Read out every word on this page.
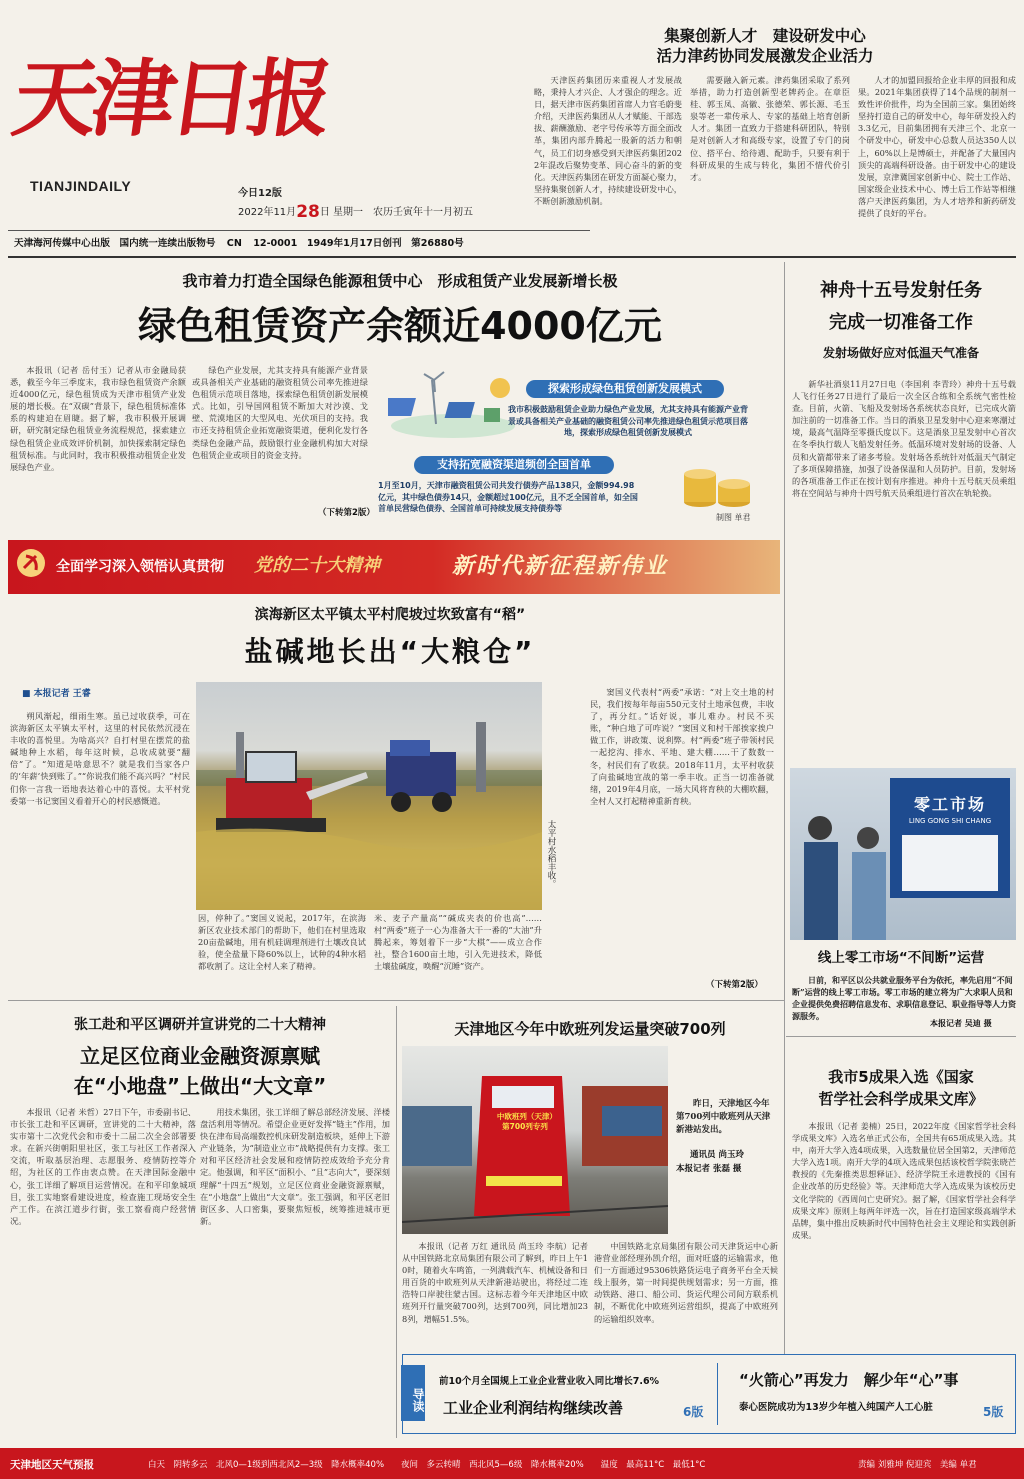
天津日报
TIANJINDAILY	今日12版
2022年11月28日 星期一　农历壬寅年十一月初五
天津海河传媒中心出版　 国内统一连续出版物号 CN 12-0001　 1949年1月17日创刊　 第26880号
集聚创新人才　建设研发中心
活力津药协同发展激发企业活力
天津医药集团历来重视人才发展战略，秉持人才兴企、人才强企的理念。近日，据天津市医药集团首席人力官毛蔚斐介绍，天津医药集团从人才赋能、干部选拔、薪酬激励、老字号传承等方面全面改革，集团内部升腾起一股新的活力和朝气，员工们切身感受到天津医药集团2022年混改后聚势变革、同心奋斗的新的变化。天津医药集团在研发方面凝心聚力，坚持集聚创新人才，持续建设研发中心，不断创新激励机制。
需要融入新元素。津药集团采取了系列举措，助力打造创新型老牌药企。在章臣桂、郭玉凤、高徽、张德荣、郭长源、毛玉泉等老一辈传承人、专家的基础上培育创新人才。集团一直致力于搭建科研团队，特别是对创新人才和高级专家，设置了专门的岗位、搭平台、给待遇、配助手，只要有利于科研成果的生成与转化，集团不惜代价引才。
人才的加盟回报给企业丰厚的回报和成果。2021年集团获得了14个品规的制剂一致性评价批件，均为全国前三家。集团始终坚持打造自己的研发中心，每年研发投入约3.3亿元，目前集团拥有天津三个、北京一个研发中心，研发中心总数人员达350人以上，60%以上是博硕士，并配备了大量国内顶尖的高端科研设备。由于研发中心的建设发展，京津冀国家创新中心、院士工作站、国家级企业技术中心、博士后工作站等相继落户天津医药集团，为人才培养和新药研发提供了良好的平台。
我市着力打造全国绿色能源租赁中心　形成租赁产业发展新增长极
绿色租赁资产余额近4000亿元
本报讯（记者 岳付玉）记者从市金融局获悉，截至今年三季度末，我市绿色租赁资产余额近4000亿元，绿色租赁成为天津市租赁产业发展的增长极。在“双碳”背景下，绿色租赁标准体系的构建迫在眉睫。据了解，我市积极开展调研，研究制定绿色租赁业务流程规范，探索建立绿色租赁企业成效评价机制，加快探索制定绿色租赁标准。与此同时，我市积极推动租赁企业发展绿色产业。
绿色产业发展，尤其支持具有能源产业背景或具备相关产业基础的融资租赁公司率先推进绿色租赁示范项目落地，探索绿色租赁创新发展模式。比如，引导国网租赁不断加大对沙漠、戈壁、荒漠地区的大型风电、光伏项目的支持。我市还支持租赁企业拓宽融资渠道，便利化发行各类绿色金融产品，鼓励银行业金融机构加大对绿色租赁企业或项目的资金支持。
（下转第2版）
探索形成绿色租赁创新发展模式
我市积极鼓励租赁企业助力绿色产业发展，尤其支持具有能源产业背景或具备相关产业基础的融资租赁公司率先推进绿色租赁示范项目落地，探索形成绿色租赁创新发展模式
支持拓宽融资渠道频创全国首单
1月至10月，天津市融资租赁公司共发行债券产品138只，金额994.98亿元，其中绿色债券14只，金额超过100亿元，且不乏全国首单，如全国首单民营绿色债券、全国首单可持续发展支持债券等
制图 单君
神舟十五号发射任务
完成一切准备工作
发射场做好应对低温天气准备
新华社酒泉11月27日电（李国利 李青玲）神舟十五号载人飞行任务27日进行了最后一次全区合练和全系统气密性检查。目前，火箭、飞船及发射场各系统状态良好，已完成火箭加注前的一切准备工作。当日的酒泉卫星发射中心迎来寒潮过境，最高气温降至零摄氏度以下。这是酒泉卫星发射中心首次在冬季执行载人飞船发射任务。低温环境对发射场的设备、人员和火箭都带来了诸多考验。发射场各系统针对低温天气制定了多项保障措施，加强了设备保温和人员防护。目前，发射场的各项准备工作正在按计划有序推进。神舟十五号航天员乘组将在空间站与神舟十四号航天员乘组进行首次在轨轮换。
全面学习深入领悟认真贯彻 党的二十大精神	新时代新征程新伟业
滨海新区太平镇太平村爬坡过坎致富有“稻”
盐碱地长出“大粮仓”
■ 本报记者 王睿
朔风渐起，细雨生寒。虽已过收获季，可在滨海新区太平镇太平村，这里的村民依然沉浸在丰收的喜悦里。为啥高兴？自打村里在摆荒的盐碱地种上水稻，每年这时候，总收成就要“翻倍”了。“知道是啥意思不？就是我们当家各户的‘年薪’快到账了。”“你说我们能不高兴吗？”村民们你一言我一语地表达着心中的喜悦。太平村党委第一书记窦国义看着开心的村民感慨道。
太平村水稻丰收。
因，停种了。”窦国义说起，2017年，在滨海新区农业技术部门的帮助下，他们在村里选取20亩盐碱地，用有机硅调理剂进行土壤改良试验，使全盐量下降60%以上，试种的4种水稻都收割了。这让全村人来了精神。
米、麦子产量高”“碱成夹表的价也高”……村“两委”班子一心为准备大干一番的“大油”升腾起来，筹划着下一步“大棋”——成立合作社，整合1600亩土地，引入先进技术，降低土壤盐碱度，唤醒“沉睡”资产。
窦国义代表村“两委”承诺：“对上交土地的村民，我们按每年每亩550元支付土地承包费，丰收了，再分红。”话好说，事儿难办。村民不买账，“种白地了可咋说？”窦国义和村干部挨家挨户做工作，讲政策、说利弊。村“两委”班子带领村民一起挖沟、排水、平地、建大棚……干了数数一冬，村民们有了收获。2018年11月，太平村收获了向盐碱地宣战的第一季丰收。正当一切准备就绪，2019年4月底，一场大风将育秧的大棚吹翻，全村人又打起精神重新育秧。
（下转第2版）
零工市场
LING GONG SHI CHANG
线上零工市场“不间断”运营
日前，和平区以公共就业服务平台为依托，率先启用“不间断”运营的线上零工市场。零工市场的建立将为广大求职人员和企业提供免费招聘信息发布、求职信息登记、职业指导等人力资源服务。
本报记者 吴迪 摄
张工赴和平区调研并宣讲党的二十大精神
立足区位商业金融资源禀赋
在“小地盘”上做出“大文章”
本报讯（记者 米哲）27日下午，市委副书记、市长张工赴和平区调研，宣讲党的二十大精神，落实市第十二次党代会和市委十二届二次全会部署要求。在新兴街朝阳里社区，张工与社区工作者深入交流，听取基层治理、志愿服务、疫情防控等介绍，为社区的工作由衷点赞。在天津国际金融中心，张工详细了解项目运营情况。在和平印象城项目，张工实地察看建设进度，检查施工现场安全生产工作。在滨江道步行街，张工察看商户经营情况。
用技术集团，张工详细了解总部经济发展、洋楼盘活利用等情况。希望企业更好发挥“链主”作用，加快在津布局高端数控机床研发制造板块，延伸上下游产业链条，为“制造业立市”战略提供有力支撑。张工对和平区经济社会发展和疫情防控成效给予充分肯定。他强调，和平区“面积小、“且”志向大”，要深刻理解“十四五”规划，立足区位商业金融资源禀赋，在“小地盘”上做出“大文章”。张工强调，和平区老旧街区多、人口密集，要聚焦短板，统筹推进城市更新。
天津地区今年中欧班列发运量突破700列
中欧班列（天津）第700列专列
昨日，天津地区今年第700列中欧班列从天津新港站发出。
通讯员 尚玉玲
本报记者 张磊 摄
本报讯（记者 万红 通讯员 尚玉玲 李航）记者从中国铁路北京局集团有限公司了解到，昨日上午10时，随着火车鸣笛，一列满载汽车、机械设备和日用百货的中欧班列从天津新港站驶出，将经过二连浩特口岸驶往蒙古国。这标志着今年天津地区中欧班列开行量突破700列，达到700列，同比增加238列，增幅51.5%。
中国铁路北京局集团有限公司天津货运中心新港营业部经理孙凯介绍，面对旺盛的运输需求，他们一方面通过95306铁路货运电子商务平台全天候线上服务，第一时间提供规划需求；另一方面，推动铁路、港口、船公司、货运代理公司间方联系机制，不断优化中欧班列运营组织，提高了中欧班列的运输组织效率。
我市5成果入选《国家
哲学社会科学成果文库》
本报讯（记者 姜楠）25日，2022年度《国家哲学社会科学成果文库》入选名单正式公布，全国共有65项成果入选。其中，南开大学入选4项成果，入选数量位居全国第2，天津师范大学入选1项。南开大学的4项入选成果包括该校哲学院张晓芒教授的《先秦推类思想释证》、经济学院王永进教授的《国有企业改革的历史经验》等。天津师范大学入选成果为该校历史文化学院的《西周问亡史研究》。据了解，《国家哲学社会科学成果文库》原则上每两年评选一次，旨在打造国家级高端学术品牌，集中推出反映新时代中国特色社会主义理论和实践创新成果。
导读
前10个月全国规上工业企业营业收入同比增长7.6%
工业企业利润结构继续改善	6版
“火箭心”再发力　解少年“心”事
泰心医院成功为13岁少年植入纯国产人工心脏	5版
天津地区天气预报	白天　阴转多云　北风0—1级到西北风2—3级　降水概率40%　　夜间　多云转晴　西北风5—6级　降水概率20%　　温度　最高11°C　最低1°C	责编 刘雅坤 倪迎宾　美编 单君
